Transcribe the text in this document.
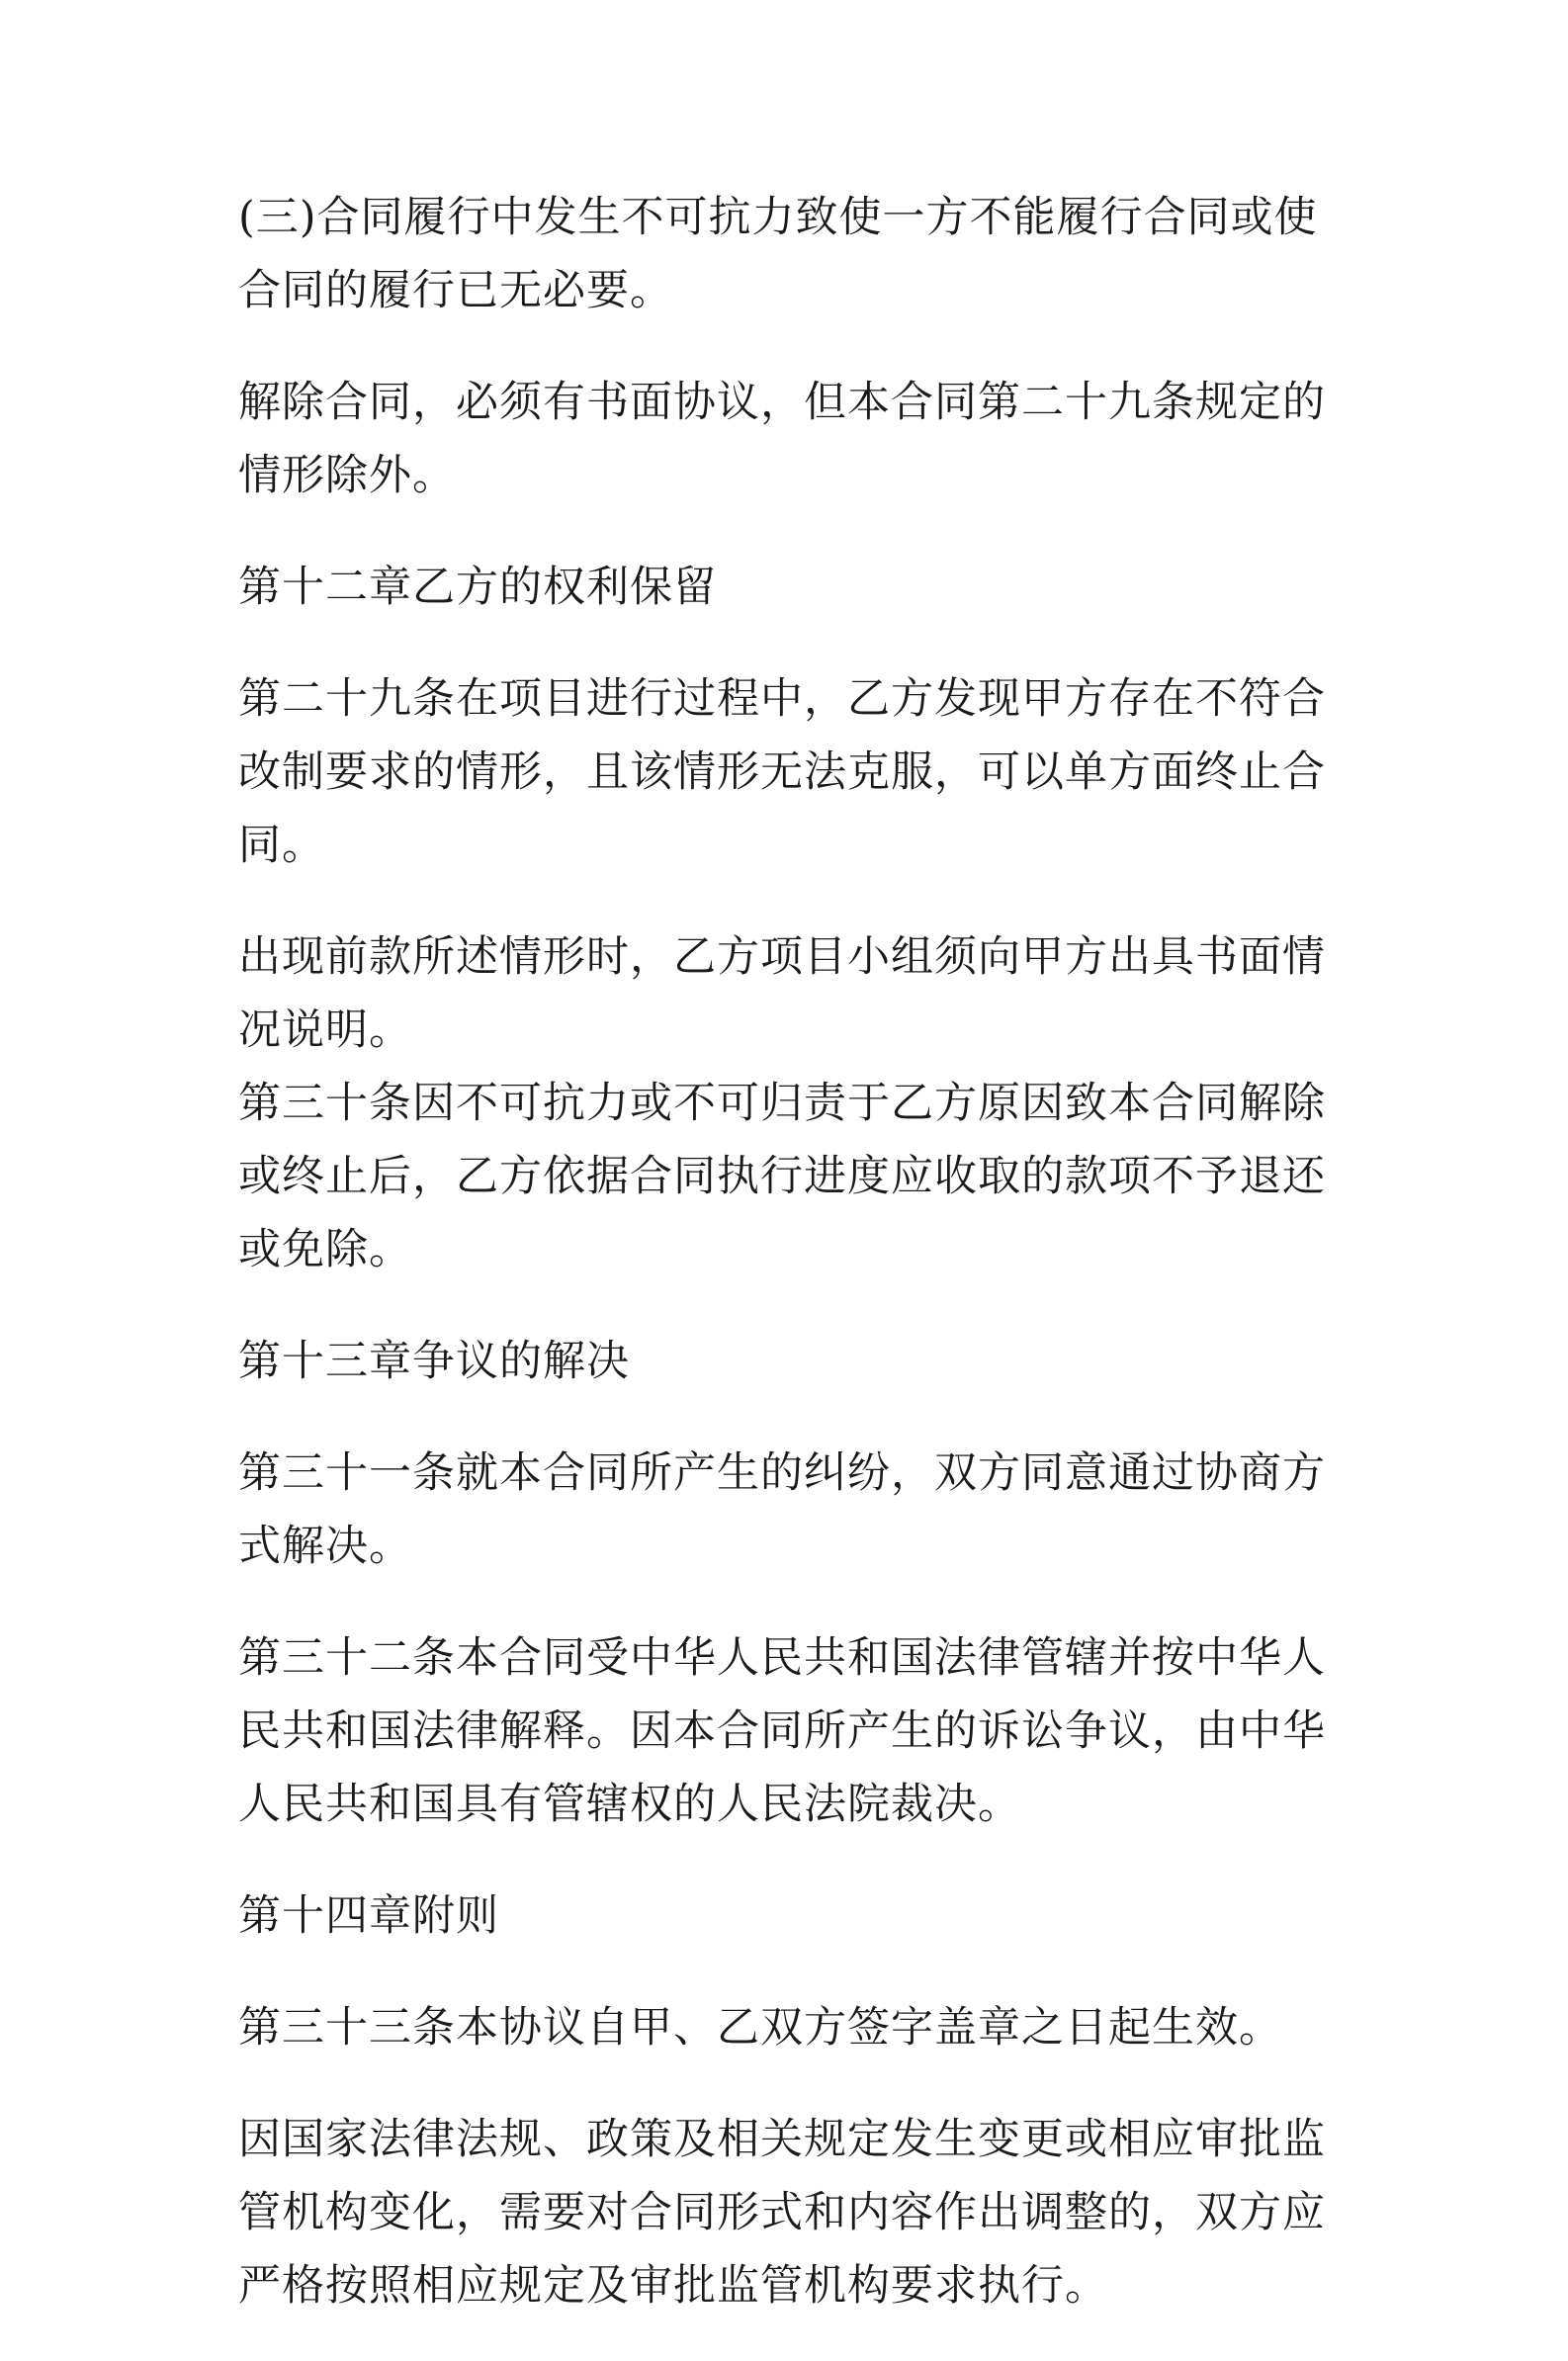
(三)合同履行中发生不可抗力致使一方不能履行合同或使合同的履行已无必要。

解除合同，必须有书面协议，但本合同第二十九条规定的情形除外。

第十二章乙方的权利保留

第二十九条在项目进行过程中，乙方发现甲方存在不符合改制要求的情形，且该情形无法克服，可以单方面终止合同。

出现前款所述情形时，乙方项目小组须向甲方出具书面情况说明。

第三十条因不可抗力或不可归责于乙方原因致本合同解除或终止后，乙方依据合同执行进度应收取的款项不予退还或免除。

第十三章争议的解决

第三十一条就本合同所产生的纠纷，双方同意通过协商方式解决。

第三十二条本合同受中华人民共和国法律管辖并按中华人民共和国法律解释。因本合同所产生的诉讼争议，由中华人民共和国具有管辖权的人民法院裁决。

第十四章附则

第三十三条本协议自甲、乙双方签字盖章之日起生效。

因国家法律法规、政策及相关规定发生变更或相应审批监管机构变化，需要对合同形式和内容作出调整的，双方应严格按照相应规定及审批监管机构要求执行。
